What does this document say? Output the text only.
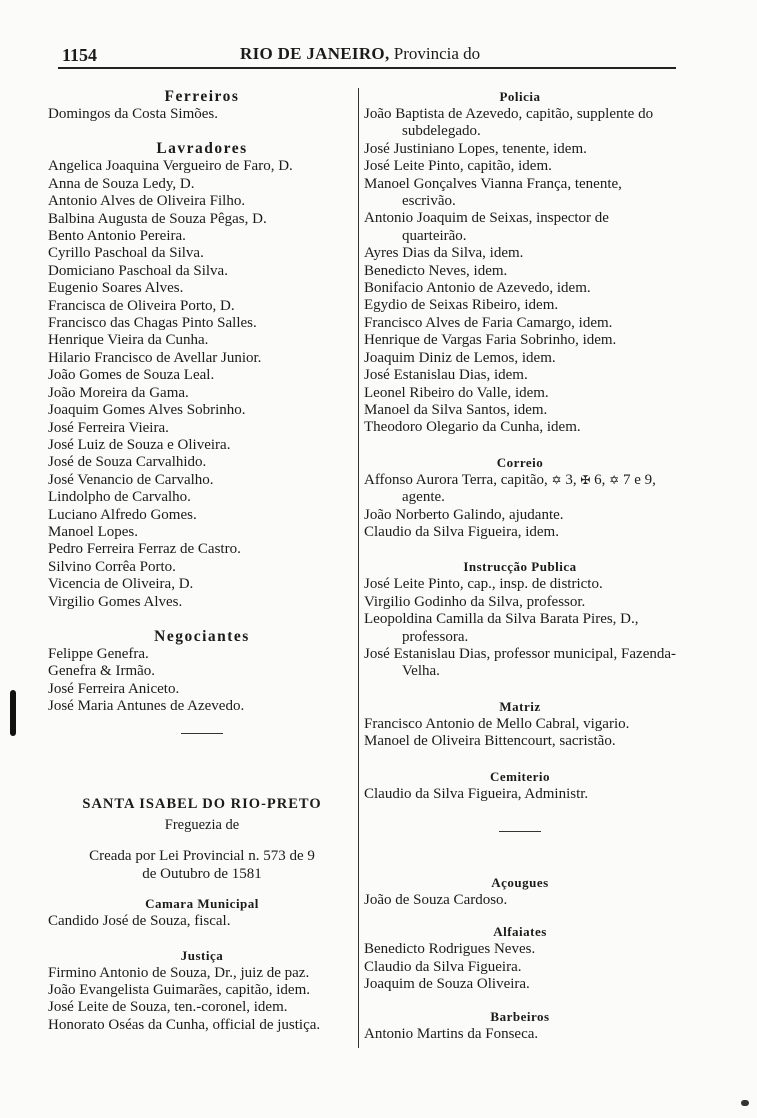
1154	RIO DE JANEIRO, Provincia do
Ferreiros
Domingos da Costa Simões.
Lavradores
Angelica Joaquina Vergueiro de Faro, D.
Anna de Souza Ledy, D.
Antonio Alves de Oliveira Filho.
Balbina Augusta de Souza Pêgas, D.
Bento Antonio Pereira.
Cyrillo Paschoal da Silva.
Domiciano Paschoal da Silva.
Eugenio Soares Alves.
Francisca de Oliveira Porto, D.
Francisco das Chagas Pinto Salles.
Henrique Vieira da Cunha.
Hilario Francisco de Avellar Junior.
João Gomes de Souza Leal.
João Moreira da Gama.
Joaquim Gomes Alves Sobrinho.
José Ferreira Vieira.
José Luiz de Souza e Oliveira.
José de Souza Carvalhido.
José Venancio de Carvalho.
Lindolpho de Carvalho.
Luciano Alfredo Gomes.
Manoel Lopes.
Pedro Ferreira Ferraz de Castro.
Silvino Corrêa Porto.
Vicencia de Oliveira, D.
Virgilio Gomes Alves.
Negociantes
Felippe Genefra.
Genefra & Irmão.
José Ferreira Aniceto.
José Maria Antunes de Azevedo.
SANTA ISABEL DO RIO-PRETO
Freguezia de
Creada por Lei Provincial n. 573 de 9
de Outubro de 1581
Camara Municipal
Candido José de Souza, fiscal.
Justiça
Firmino Antonio de Souza, Dr., juiz de paz.
João Evangelista Guimarães, capitão, idem.
José Leite de Souza, ten.-coronel, idem.
Honorato Oséas da Cunha, official de justiça.
Policia
João Baptista de Azevedo, capitão, supplente do subdelegado.
José Justiniano Lopes, tenente, idem.
José Leite Pinto, capitão, idem.
Manoel Gonçalves Vianna França, tenente, escrivão.
Antonio Joaquim de Seixas, inspector de quarteirão.
Ayres Dias da Silva, idem.
Benedicto Neves, idem.
Bonifacio Antonio de Azevedo, idem.
Egydio de Seixas Ribeiro, idem.
Francisco Alves de Faria Camargo, idem.
Henrique de Vargas Faria Sobrinho, idem.
Joaquim Diniz de Lemos, idem.
José Estanislau Dias, idem.
Leonel Ribeiro do Valle, idem.
Manoel da Silva Santos, idem.
Theodoro Olegario da Cunha, idem.
Correio
Affonso Aurora Terra, capitão, ✡ 3, ✠ 6, ✡ 7 e 9, agente.
João Norberto Galindo, ajudante.
Claudio da Silva Figueira, idem.
Instrucção Publica
José Leite Pinto, cap., insp. de districto.
Virgilio Godinho da Silva, professor.
Leopoldina Camilla da Silva Barata Pires, D., professora.
José Estanislau Dias, professor municipal, Fazenda-Velha.
Matriz
Francisco Antonio de Mello Cabral, vigario.
Manoel de Oliveira Bittencourt, sacristão.
Cemiterio
Claudio da Silva Figueira, Administr.
Açougues
João de Souza Cardoso.
Alfaiates
Benedicto Rodrigues Neves.
Claudio da Silva Figueira.
Joaquim de Souza Oliveira.
Barbeiros
Antonio Martins da Fonseca.
